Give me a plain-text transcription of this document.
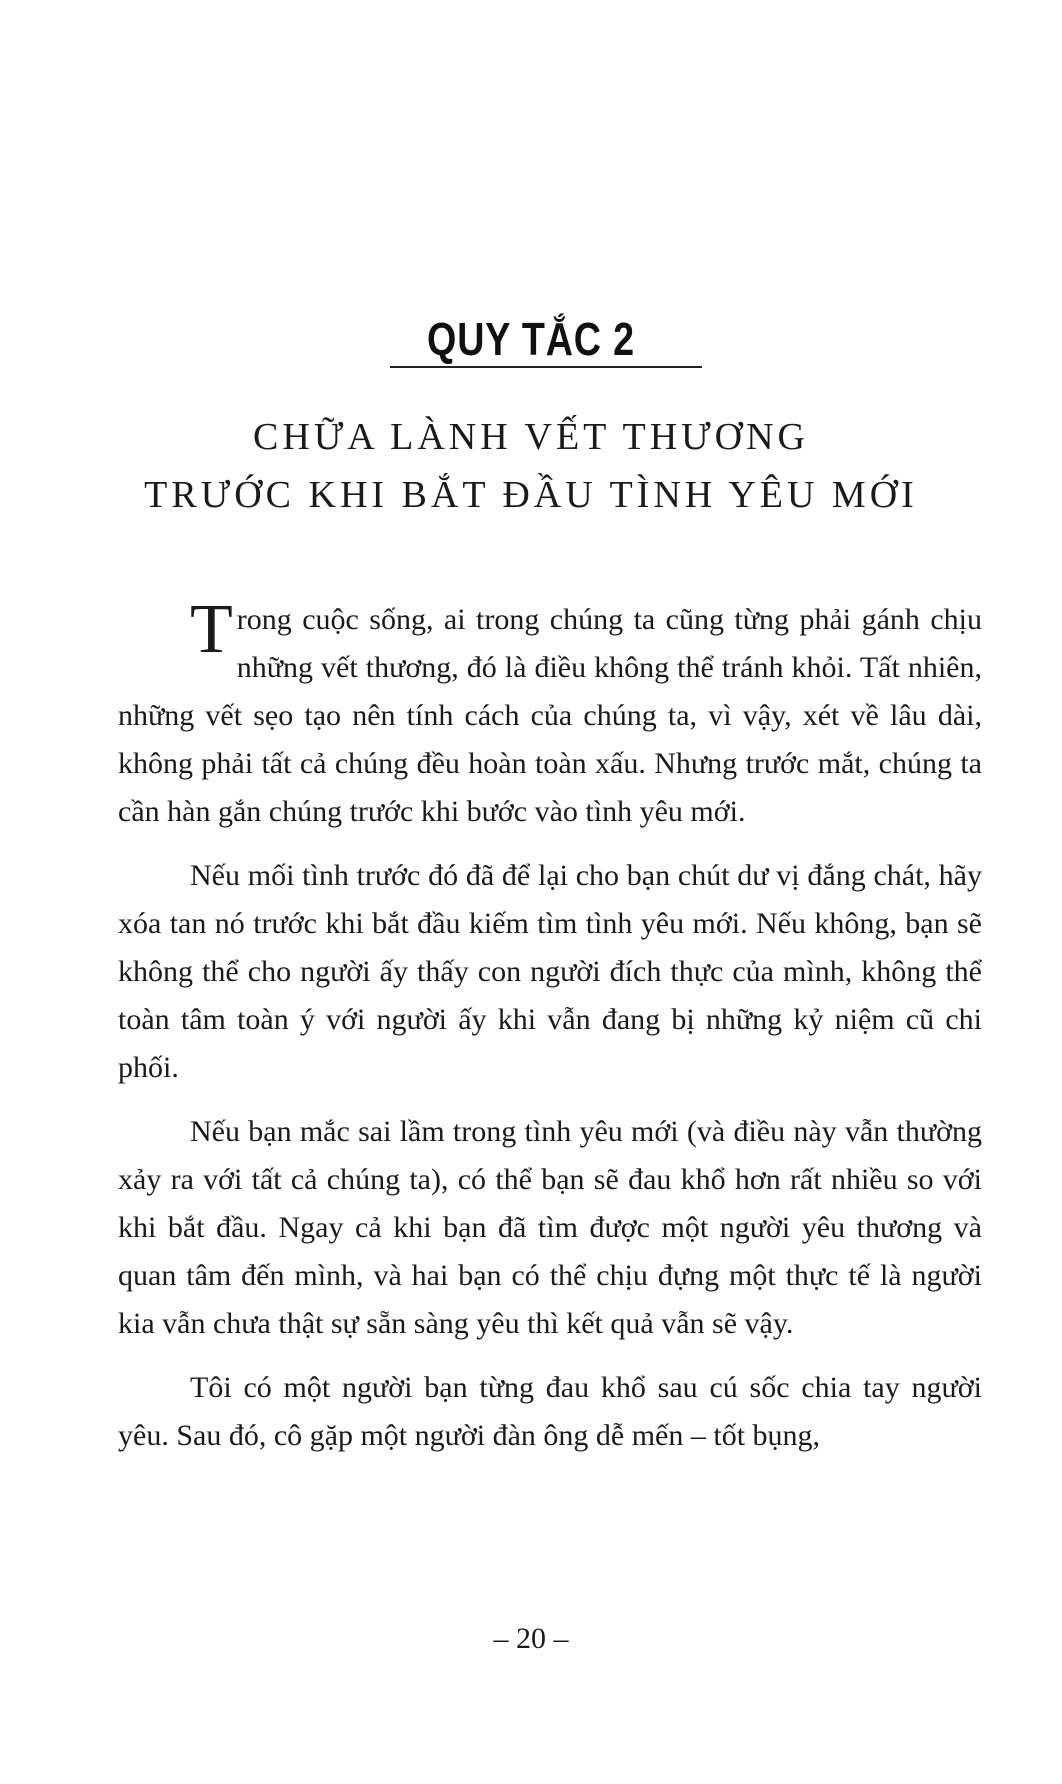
QUY TẮC 2
CHỮA LÀNH VẾT THƯƠNG
TRƯỚC KHI BẮT ĐẦU TÌNH YÊU MỚI

Trong cuộc sống, ai trong chúng ta cũng từng phải gánh chịu những vết thương, đó là điều không thể tránh khỏi. Tất nhiên, những vết sẹo tạo nên tính cách của chúng ta, vì vậy, xét về lâu dài, không phải tất cả chúng đều hoàn toàn xấu. Nhưng trước mắt, chúng ta cần hàn gắn chúng trước khi bước vào tình yêu mới.

Nếu mối tình trước đó đã để lại cho bạn chút dư vị đắng chát, hãy xóa tan nó trước khi bắt đầu kiếm tìm tình yêu mới. Nếu không, bạn sẽ không thể cho người ấy thấy con người đích thực của mình, không thể toàn tâm toàn ý với người ấy khi vẫn đang bị những kỷ niệm cũ chi phối.

Nếu bạn mắc sai lầm trong tình yêu mới (và điều này vẫn thường xảy ra với tất cả chúng ta), có thể bạn sẽ đau khổ hơn rất nhiều so với khi bắt đầu. Ngay cả khi bạn đã tìm được một người yêu thương và quan tâm đến mình, và hai bạn có thể chịu đựng một thực tế là người kia vẫn chưa thật sự sẵn sàng yêu thì kết quả vẫn sẽ vậy.

Tôi có một người bạn từng đau khổ sau cú sốc chia tay người yêu. Sau đó, cô gặp một người đàn ông dễ mến – tốt bụng,

– 20 –
